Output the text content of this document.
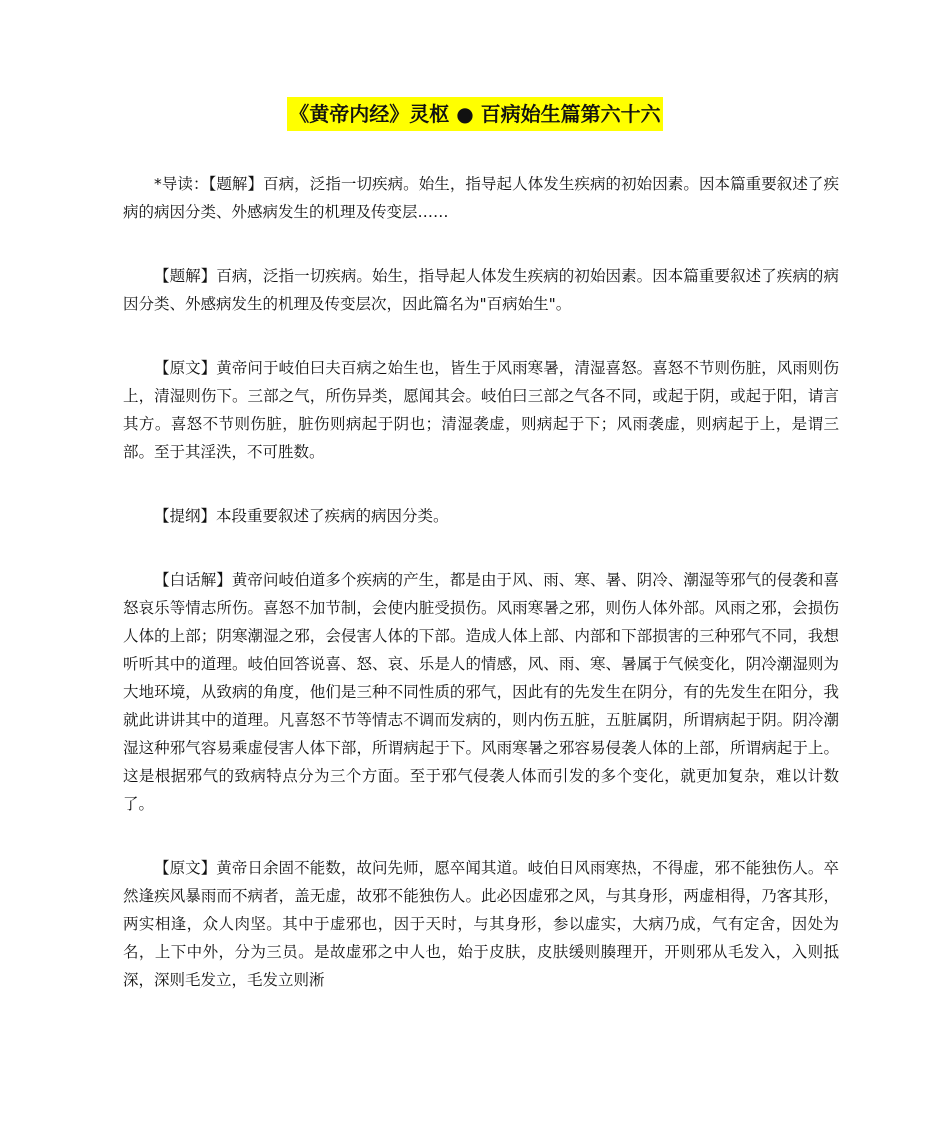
《黄帝内经》灵枢 ● 百病始生篇第六十六

*导读：【题解】百病，泛指一切疾病。始生，指导起人体发生疾病的初始因素。因本篇重要叙述了疾病的病因分类、外感病发生的机理及传变层……

【题解】百病，泛指一切疾病。始生，指导起人体发生疾病的初始因素。因本篇重要叙述了疾病的病因分类、外感病发生的机理及传变层次，因此篇名为"百病始生"。

【原文】黄帝问于岐伯曰夫百病之始生也，皆生于风雨寒暑，清湿喜怒。喜怒不节则伤脏，风雨则伤上，清湿则伤下。三部之气，所伤异类，愿闻其会。岐伯曰三部之气各不同，或起于阴，或起于阳，请言其方。喜怒不节则伤脏，脏伤则病起于阴也；清湿袭虚，则病起于下；风雨袭虚，则病起于上，是谓三部。至于其淫泆，不可胜数。

【提纲】本段重要叙述了疾病的病因分类。

【白话解】黄帝问岐伯道多个疾病的产生，都是由于风、雨、寒、暑、阴冷、潮湿等邪气的侵袭和喜怒哀乐等情志所伤。喜怒不加节制，会使内脏受损伤。风雨寒暑之邪，则伤人体外部。风雨之邪，会损伤人体的上部；阴寒潮湿之邪，会侵害人体的下部。造成人体上部、内部和下部损害的三种邪气不同，我想听听其中的道理。岐伯回答说喜、怒、哀、乐是人的情感，风、雨、寒、暑属于气候变化，阴冷潮湿则为大地环境，从致病的角度，他们是三种不同性质的邪气，因此有的先发生在阴分，有的先发生在阳分，我就此讲讲其中的道理。凡喜怒不节等情志不调而发病的，则内伤五脏，五脏属阴，所谓病起于阴。阴冷潮湿这种邪气容易乘虚侵害人体下部，所谓病起于下。风雨寒暑之邪容易侵袭人体的上部，所谓病起于上。这是根据邪气的致病特点分为三个方面。至于邪气侵袭人体而引发的多个变化，就更加复杂，难以计数了。

【原文】黄帝日余固不能数，故问先师，愿卒闻其道。岐伯日风雨寒热，不得虚，邪不能独伤人。卒然逢疾风暴雨而不病者，盖无虚，故邪不能独伤人。此必因虚邪之风，与其身形，两虚相得，乃客其形，两实相逢，众人肉坚。其中于虚邪也，因于天时，与其身形，参以虚实，大病乃成，气有定舍，因处为名，上下中外，分为三员。是故虚邪之中人也，始于皮肤，皮肤缓则腠理开，开则邪从毛发入，入则抵深，深则毛发立，毛发立则淅
